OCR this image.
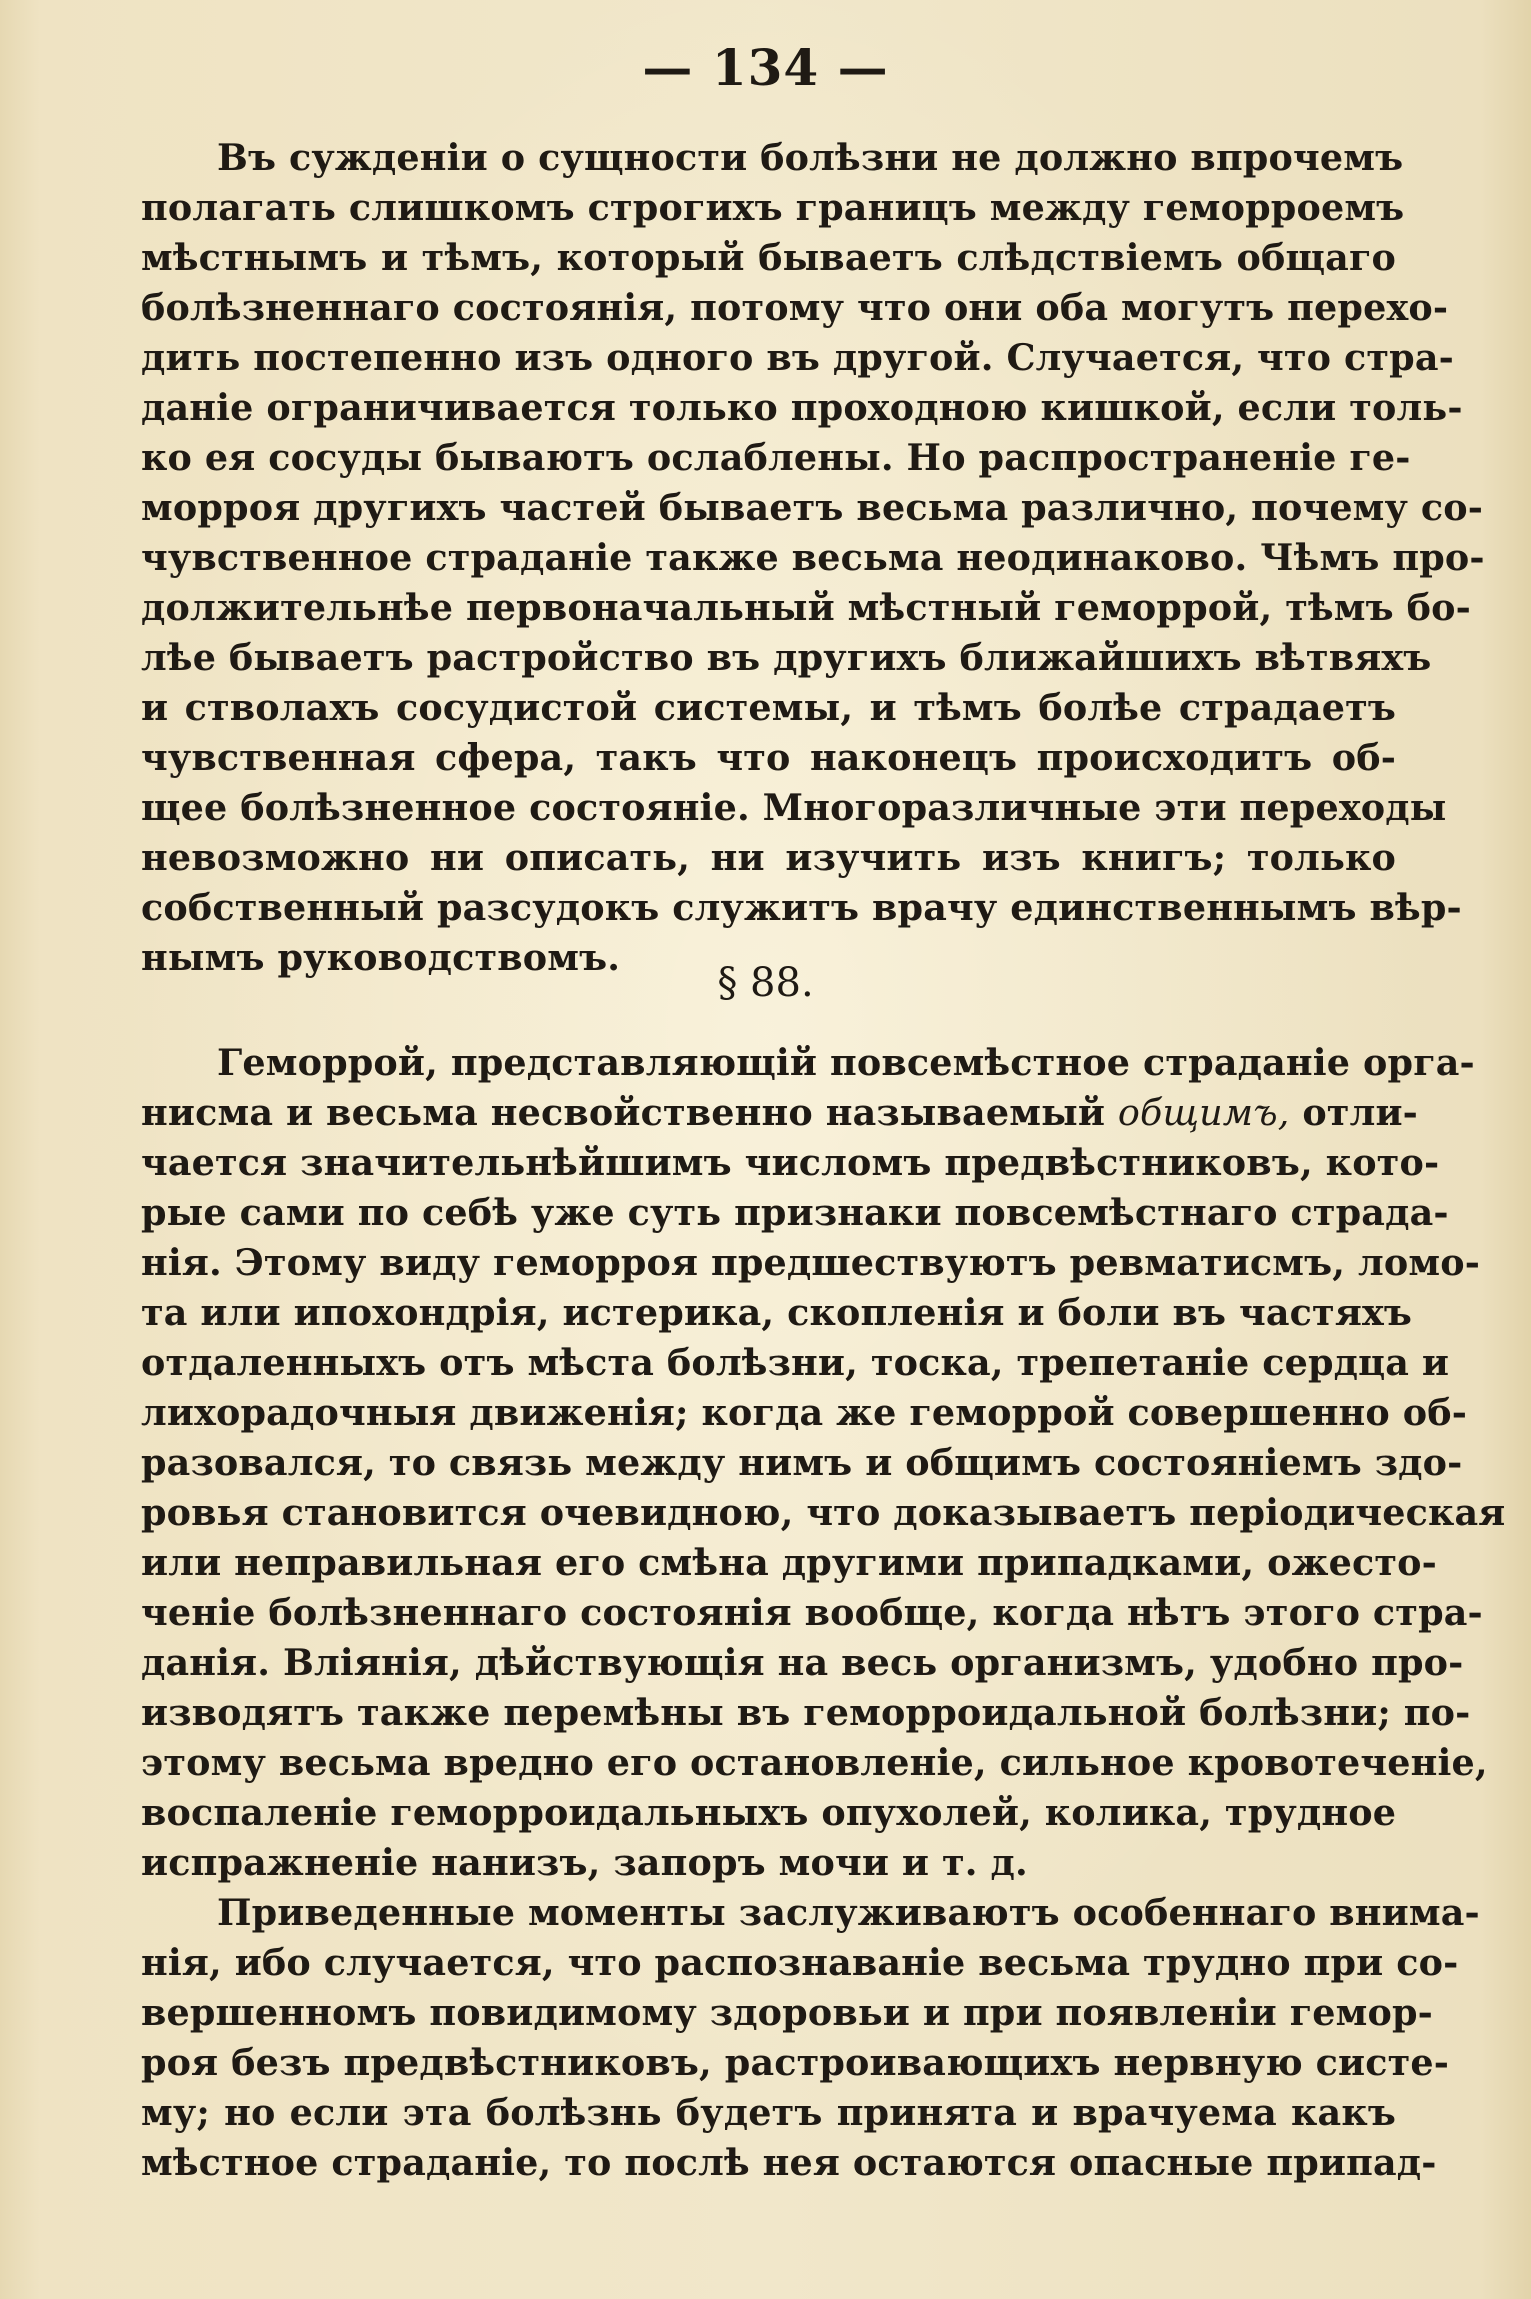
— 134 —
Въ сужденіи о сущности болѣзни не должно впрочемъ
полагать слишкомъ строгихъ границъ между геморроемъ
мѣстнымъ и тѣмъ, который бываетъ слѣдствіемъ общаго
болѣзненнаго состоянія, потому что они оба могутъ перехо-
дить постепенно изъ одного въ другой. Случается, что стра-
даніе ограничивается только проходною кишкой, если толь-
ко ея сосуды бываютъ ослаблены. Но распространеніе ге-
морроя другихъ частей бываетъ весьма различно, почему со-
чувственное страданіе также весьма неодинаково. Чѣмъ про-
должительнѣе первоначальный мѣстный геморрой, тѣмъ бо-
лѣе бываетъ растройство въ другихъ ближайшихъ вѣтвяхъ
и стволахъ сосудистой системы, и тѣмъ болѣе страдаетъ
чувственная сфера, такъ что наконецъ происходитъ об-
щее болѣзненное состояніе. Многоразличные эти переходы
невозможно ни описать, ни изучить изъ книгъ; только
собственный разсудокъ служитъ врачу единственнымъ вѣр-
нымъ руководствомъ.
§ 88.
Геморрой, представляющій повсемѣстное страданіе орга-
нисма и весьма несвойственно называемый общимъ, отли-
чается значительнѣйшимъ числомъ предвѣстниковъ, кото-
рые сами по себѣ уже суть признаки повсемѣстнаго страда-
нія. Этому виду геморроя предшествуютъ ревматисмъ, ломо-
та или ипохондрія, истерика, скопленія и боли въ частяхъ
отдаленныхъ отъ мѣста болѣзни, тоска, трепетаніе сердца и
лихорадочныя движенія; когда же геморрой совершенно об-
разовался, то связь между нимъ и общимъ состояніемъ здо-
ровья становится очевидною, что доказываетъ періодическая
или неправильная его смѣна другими припадками, ожесто-
ченіе болѣзненнаго состоянія вообще, когда нѣтъ этого стра-
данія. Вліянія, дѣйствующія на весь организмъ, удобно про-
изводятъ также перемѣны въ геморроидальной болѣзни; по-
этому весьма вредно его остановленіе, сильное кровотеченіе,
воспаленіе геморроидальныхъ опухолей, колика, трудное
испражненіе нанизъ, запоръ мочи и т. д.
Приведенные моменты заслуживаютъ особеннаго внима-
нія, ибо случается, что распознаваніе весьма трудно при со-
вершенномъ повидимому здоровьи и при появленіи гемор-
роя безъ предвѣстниковъ, растроивающихъ нервную систе-
му; но если эта болѣзнь будетъ принята и врачуема какъ
мѣстное страданіе, то послѣ нея остаются опасные припад-
